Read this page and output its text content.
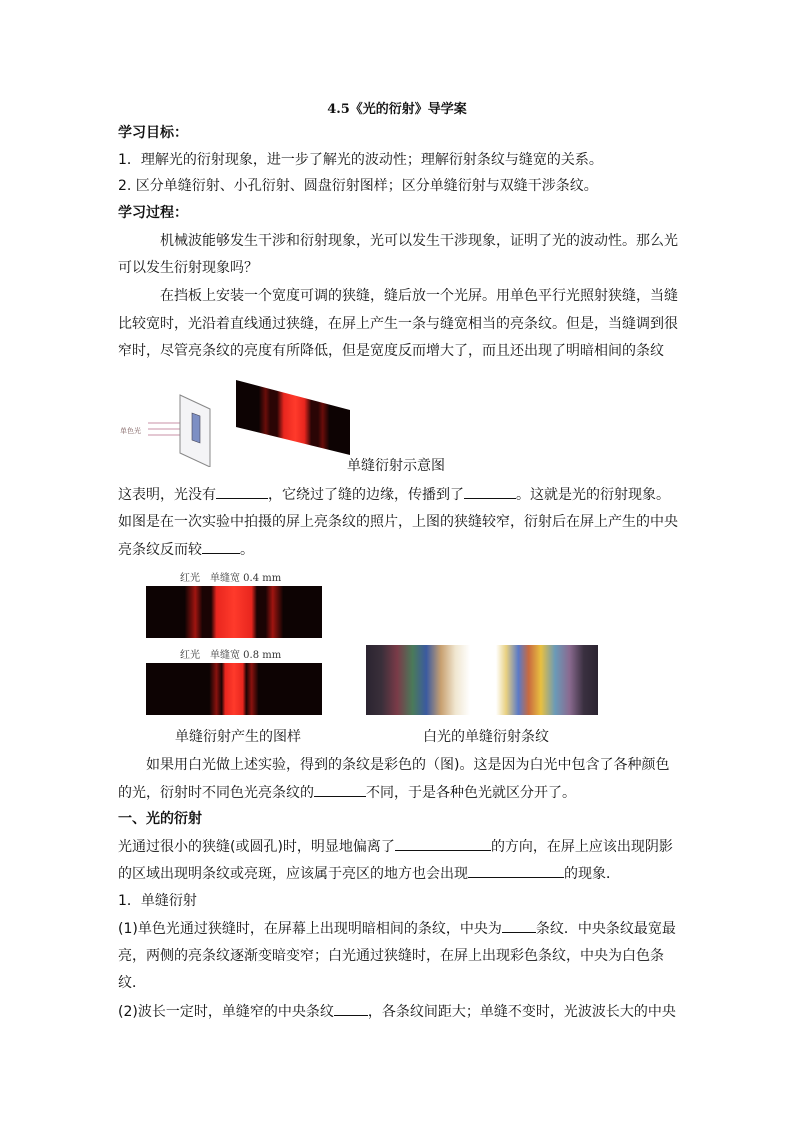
4.5《光的衍射》导学案
学习目标：
1．理解光的衍射现象，进一步了解光的波动性；理解衍射条纹与缝宽的关系。
2. 区分单缝衍射、小孔衍射、圆盘衍射图样；区分单缝衍射与双缝干涉条纹。
学习过程：
机械波能够发生干涉和衍射现象，光可以发生干涉现象，证明了光的波动性。那么光
可以发生衍射现象吗？
在挡板上安装一个宽度可调的狭缝，缝后放一个光屏。用单色平行光照射狭缝，当缝
比较宽时，光沿着直线通过狭缝，在屏上产生一条与缝宽相当的亮条纹。但是，当缝调到很
窄时，尽管亮条纹的亮度有所降低，但是宽度反而增大了，而且还出现了明暗相间的条纹
单色光
单缝衍射示意图
这表明，光没有	，它绕过了缝的边缘，传播到了	。这就是光的衍射现象。
如图是在一次实验中拍摄的屏上亮条纹的照片，上图的狭缝较窄，衍射后在屏上产生的中央
亮条纹反而较	。
红光　单缝宽 0.4 mm
红光　单缝宽 0.8 mm
单缝衍射产生的图样	白光的单缝衍射条纹
如果用白光做上述实验，得到的条纹是彩色的（图)。这是因为白光中包含了各种颜色
的光，衍射时不同色光亮条纹的	不同，于是各种色光就区分开了。
一、光的衍射
光通过很小的狭缝(或圆孔)时，明显地偏离了	的方向，在屏上应该出现阴影
的区域出现明条纹或亮斑，应该属于亮区的地方也会出现	的现象．
1．单缝衍射
(1)单色光通过狭缝时，在屏幕上出现明暗相间的条纹，中央为 条纹．中央条纹最宽最
亮，两侧的亮条纹逐渐变暗变窄；白光通过狭缝时，在屏上出现彩色条纹，中央为白色条
纹．
(2)波长一定时，单缝窄的中央条纹 ，各条纹间距大；单缝不变时，光波波长大的中央
